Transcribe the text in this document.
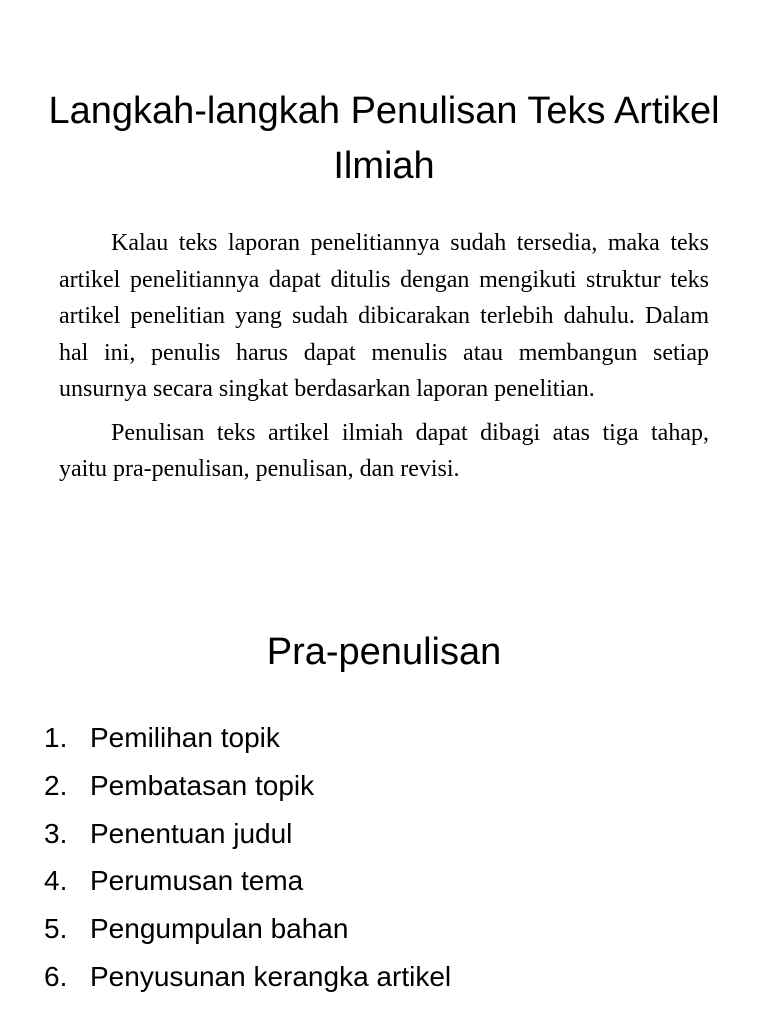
Langkah-langkah Penulisan Teks Artikel Ilmiah

Kalau teks laporan penelitiannya sudah tersedia, maka teks artikel penelitiannya dapat ditulis dengan mengikuti struktur teks artikel penelitian yang sudah dibicarakan terlebih dahulu. Dalam hal ini, penulis harus dapat menulis atau membangun setiap unsurnya secara singkat berdasarkan laporan penelitian.

Penulisan teks artikel ilmiah dapat dibagi atas tiga tahap, yaitu pra-penulisan, penulisan, dan revisi.

Pra-penulisan
1. Pemilihan topik
2. Pembatasan topik
3. Penentuan judul
4. Perumusan tema
5. Pengumpulan bahan
6. Penyusunan kerangka artikel
